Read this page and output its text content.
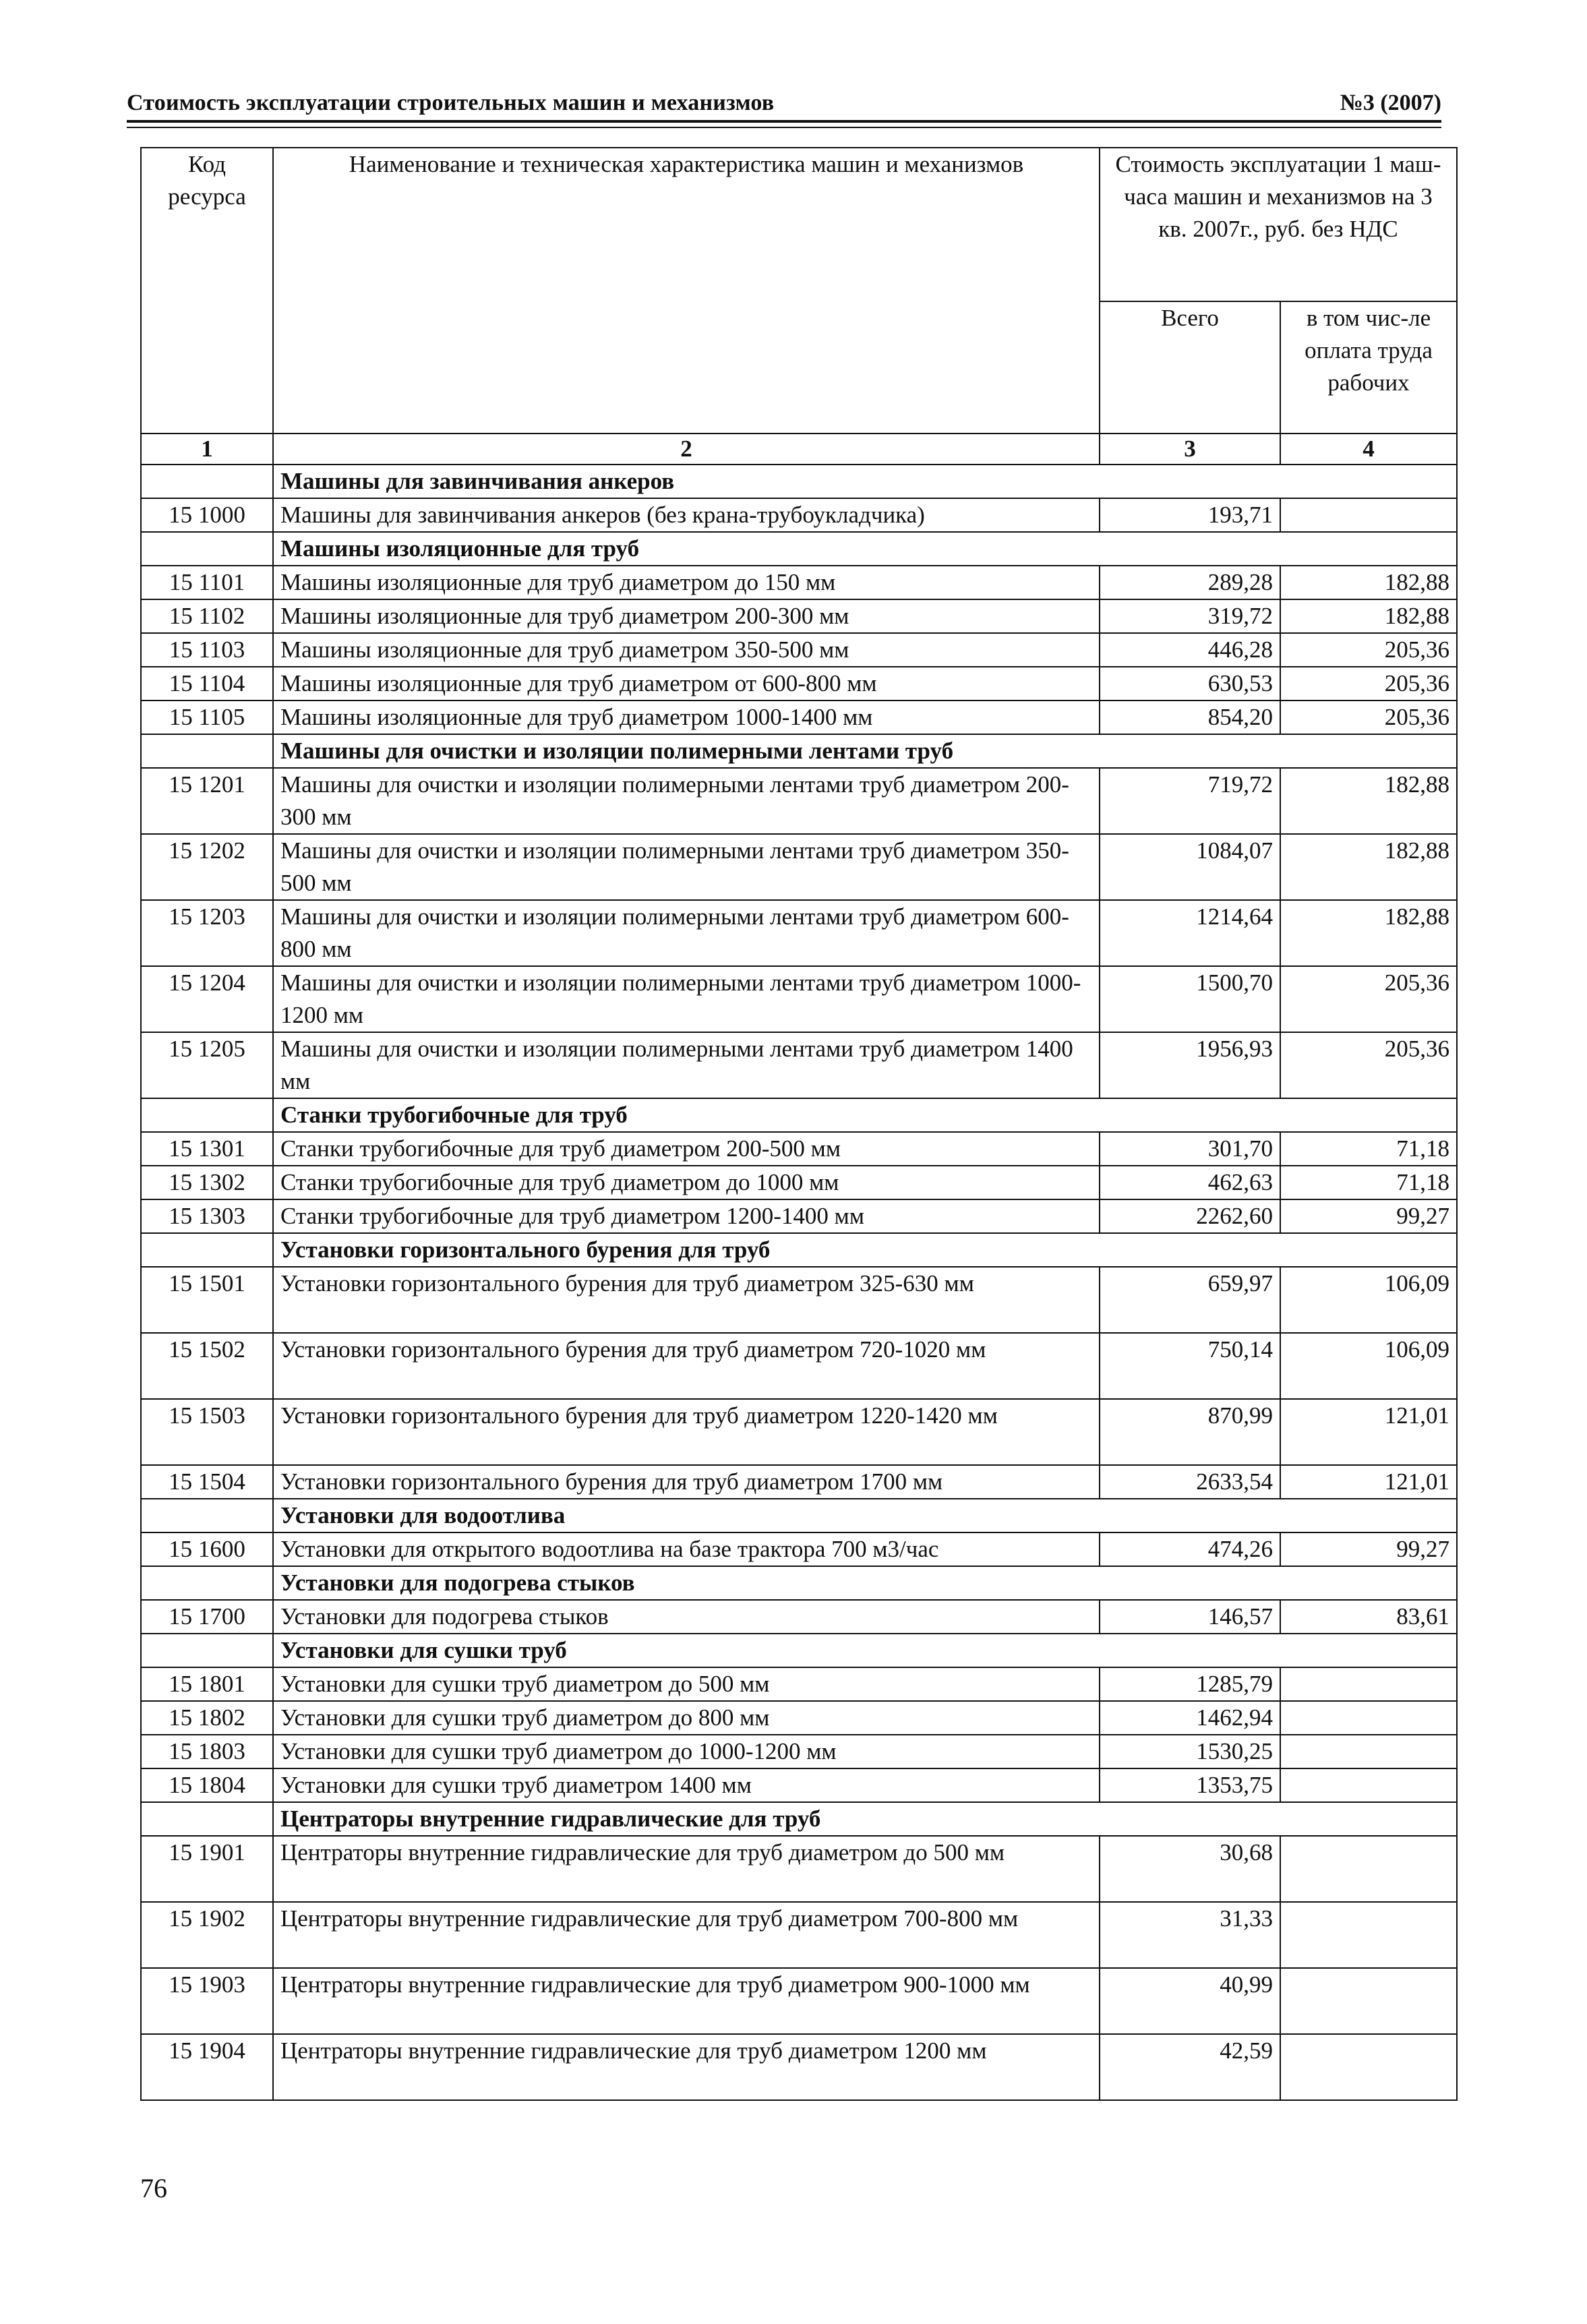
Стоимость эксплуатации строительных машин и механизмов	№3 (2007)
Код ресурса	Наименование и техническая характеристика машин и механизмов	Стоимость эксплуатации 1 маш-часа машин и механизмов на 3 кв. 2007г., руб. без НДС	
		Всего	в том чис-ле оплата труда рабочих
1	2	3	4
	Машины для завинчивания анкеров		
15 1000	Машины для завинчивания анкеров (без крана-трубоукладчика)	193,71	
	Машины изоляционные для труб		
15 1101	Машины изоляционные для труб диаметром до 150 мм	289,28	182,88
15 1102	Машины изоляционные для труб диаметром 200-300 мм	319,72	182,88
15 1103	Машины изоляционные для труб диаметром 350-500 мм	446,28	205,36
15 1104	Машины изоляционные для труб диаметром от 600-800 мм	630,53	205,36
15 1105	Машины изоляционные для труб диаметром 1000-1400 мм	854,20	205,36
	Машины для очистки и изоляции полимерными лентами труб		
15 1201	Машины для очистки и изоляции полимерными лентами труб диаметром 200-300 мм	719,72	182,88
15 1202	Машины для очистки и изоляции полимерными лентами труб диаметром 350-500 мм	1084,07	182,88
15 1203	Машины для очистки и изоляции полимерными лентами труб диаметром 600-800 мм	1214,64	182,88
15 1204	Машины для очистки и изоляции полимерными лентами труб диаметром 1000-1200 мм	1500,70	205,36
15 1205	Машины для очистки и изоляции полимерными лентами труб диаметром 1400 мм	1956,93	205,36
	Станки трубогибочные для труб		
15 1301	Станки трубогибочные для труб диаметром 200-500 мм	301,70	71,18
15 1302	Станки трубогибочные для труб диаметром до 1000 мм	462,63	71,18
15 1303	Станки трубогибочные для труб диаметром 1200-1400 мм	2262,60	99,27
	Установки горизонтального бурения для труб		
15 1501	Установки горизонтального бурения для труб диаметром 325-630 мм	659,97	106,09
15 1502	Установки горизонтального бурения для труб диаметром 720-1020 мм	750,14	106,09
15 1503	Установки горизонтального бурения для труб диаметром 1220-1420 мм	870,99	121,01
15 1504	Установки горизонтального бурения для труб диаметром 1700 мм	2633,54	121,01
	Установки для водоотлива		
15 1600	Установки для открытого водоотлива на базе трактора 700 м3/час	474,26	99,27
	Установки для подогрева стыков		
15 1700	Установки для подогрева стыков	146,57	83,61
	Установки для сушки труб		
15 1801	Установки для сушки труб диаметром до 500 мм	1285,79	
15 1802	Установки для сушки труб диаметром до 800 мм	1462,94	
15 1803	Установки для сушки труб диаметром до 1000-1200 мм	1530,25	
15 1804	Установки для сушки труб диаметром 1400 мм	1353,75	
	Центраторы внутренние гидравлические для труб		
15 1901	Центраторы внутренние гидравлические для труб диаметром до 500 мм	30,68	
15 1902	Центраторы внутренние гидравлические для труб диаметром 700-800 мм	31,33	
15 1903	Центраторы внутренние гидравлические для труб диаметром 900-1000 мм	40,99	
15 1904	Центраторы внутренние гидравлические для труб диаметром 1200 мм	42,59	
76
